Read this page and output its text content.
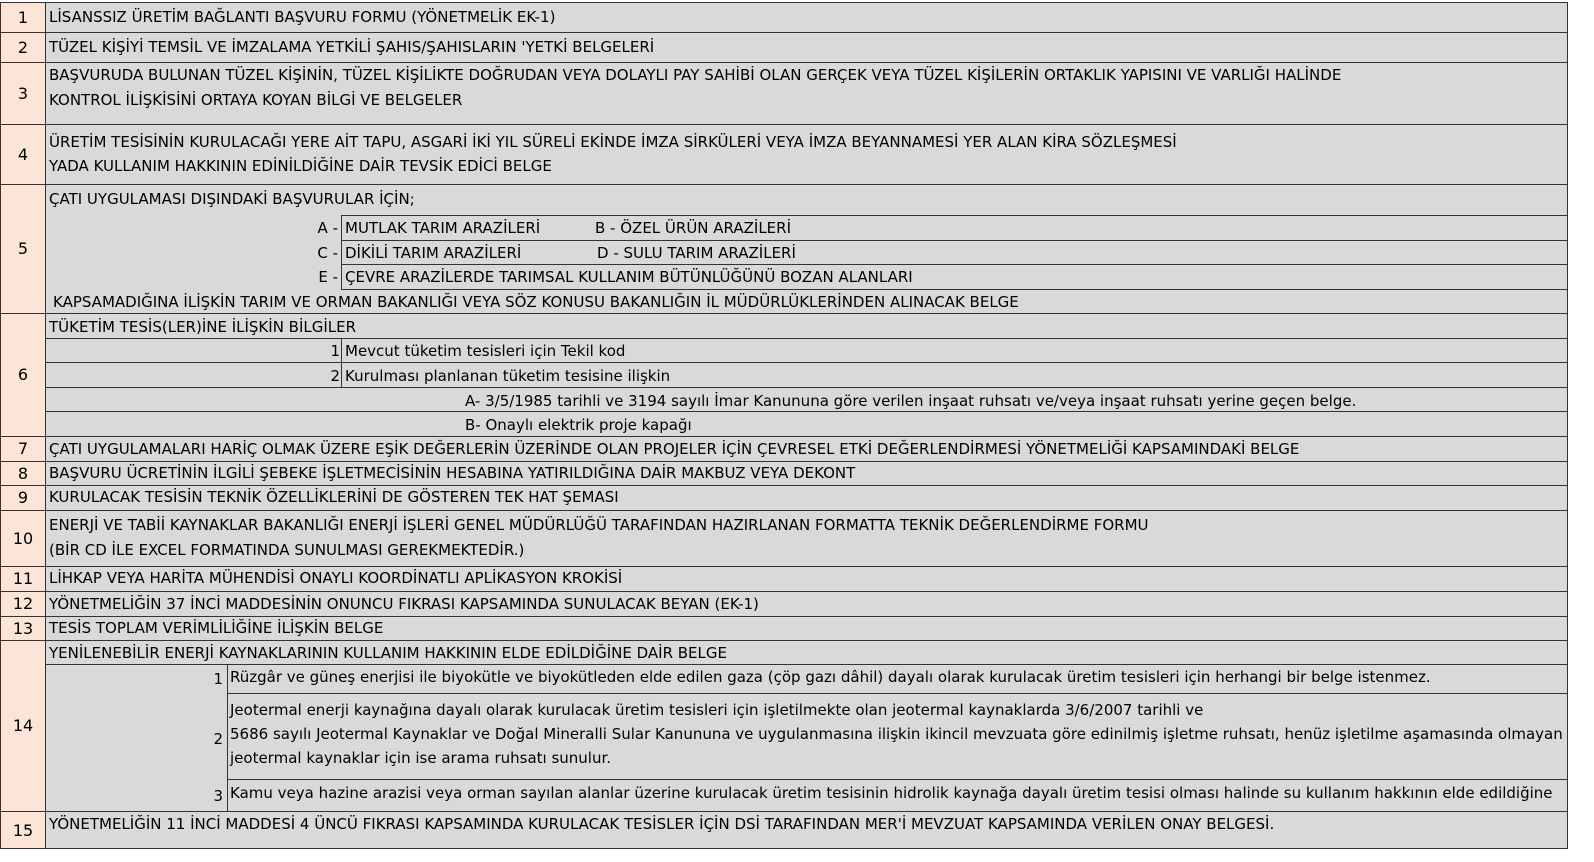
1 LİSANSSIZ ÜRETİM BAĞLANTI BAŞVURU FORMU (YÖNETMELİK EK-1)
2 TÜZEL KİŞİYİ TEMSİL VE İMZALAMA YETKİLİ ŞAHIS/ŞAHISLARIN 'YETKİ BELGELERİ
3
BAŞVURUDA BULUNAN TÜZEL KİŞİNİN, TÜZEL KİŞİLİKTE DOĞRUDAN VEYA DOLAYLI PAY SAHİBİ OLAN GERÇEK VEYA TÜZEL KİŞİLERİN ORTAKLIK YAPISINI VE VARLIĞI HALİNDE
KONTROL İLİŞKİSİNİ ORTAYA KOYAN BİLGİ VE BELGELER
4
ÜRETİM TESİSİNİN KURULACAĞI YERE AİT TAPU, ASGARİ İKİ YIL SÜRELİ EKİNDE İMZA SİRKÜLERİ VEYA İMZA BEYANNAMESİ YER ALAN KİRA SÖZLEŞMESİ
YADA KULLANIM HAKKININ EDİNİLDİĞİNE DAİR TEVSİK EDİCİ BELGE
5
ÇATI UYGULAMASI DIŞINDAKİ BAŞVURULAR İÇİN;
A - MUTLAK TARIM ARAZİLERİ	B - ÖZEL ÜRÜN ARAZİLERİ
C - DİKİLİ TARIM ARAZİLERİ	D - SULU TARIM ARAZİLERİ
E - ÇEVRE ARAZİLERDE TARIMSAL KULLANIM BÜTÜNLÜĞÜNÜ BOZAN ALANLARI
KAPSAMADIĞINA İLİŞKİN TARIM VE ORMAN BAKANLIĞI VEYA SÖZ KONUSU BAKANLIĞIN İL MÜDÜRLÜKLERİNDEN ALINACAK BELGE
6
TÜKETİM TESİS(LER)İNE İLİŞKİN BİLGİLER
1 Mevcut tüketim tesisleri için Tekil kod
2 Kurulması planlanan tüketim tesisine ilişkin
A- 3/5/1985 tarihli ve 3194 sayılı İmar Kanununa göre verilen inşaat ruhsatı ve/veya inşaat ruhsatı yerine geçen belge.
B- Onaylı elektrik proje kapağı
7 ÇATI UYGULAMALARI HARİÇ OLMAK ÜZERE EŞİK DEĞERLERİN ÜZERİNDE OLAN PROJELER İÇİN ÇEVRESEL ETKİ DEĞERLENDİRMESİ YÖNETMELİĞİ KAPSAMINDAKİ BELGE
8 BAŞVURU ÜCRETİNİN İLGİLİ ŞEBEKE İŞLETMECİSİNİN HESABINA YATIRILDIĞINA DAİR MAKBUZ VEYA DEKONT
9 KURULACAK TESİSİN TEKNİK ÖZELLİKLERİNİ DE GÖSTEREN TEK HAT ŞEMASI
10
ENERJİ VE TABİİ KAYNAKLAR BAKANLIĞI ENERJİ İŞLERİ GENEL MÜDÜRLÜĞÜ TARAFINDAN HAZIRLANAN FORMATTA TEKNİK DEĞERLENDİRME FORMU
(BİR CD İLE EXCEL FORMATINDA SUNULMASI GEREKMEKTEDİR.)
11 LİHKAP VEYA HARİTA MÜHENDİSİ ONAYLI KOORDİNATLI APLİKASYON KROKİSİ
12 YÖNETMELİĞİN 37 İNCİ MADDESİNİN ONUNCU FIKRASI KAPSAMINDA SUNULACAK BEYAN (EK-1)
13 TESİS TOPLAM VERİMLİLİĞİNE İLİŞKİN BELGE
14
YENİLENEBİLİR ENERJİ KAYNAKLARININ KULLANIM HAKKININ ELDE EDİLDİĞİNE DAİR BELGE
1 Rüzgâr ve güneş enerjisi ile biyokütle ve biyokütleden elde edilen gaza (çöp gazı dâhil) dayalı olarak kurulacak üretim tesisleri için herhangi bir belge istenmez.
2
Jeotermal enerji kaynağına dayalı olarak kurulacak üretim tesisleri için işletilmekte olan jeotermal kaynaklarda 3/6/2007 tarihli ve
5686 sayılı Jeotermal Kaynaklar ve Doğal Mineralli Sular Kanununa ve uygulanmasına ilişkin ikincil mevzuata göre edinilmiş işletme ruhsatı, henüz işletilme aşamasında olmayan
jeotermal kaynaklar için ise arama ruhsatı sunulur.
3 Kamu veya hazine arazisi veya orman sayılan alanlar üzerine kurulacak üretim tesisinin hidrolik kaynağa dayalı üretim tesisi olması halinde su kullanım hakkının elde edildiğine
15 YÖNETMELİĞİN 11 İNCİ MADDESİ 4 ÜNCÜ FIKRASI KAPSAMINDA KURULACAK TESİSLER İÇİN DSİ TARAFINDAN MER'İ MEVZUAT KAPSAMINDA VERİLEN ONAY BELGESİ.
